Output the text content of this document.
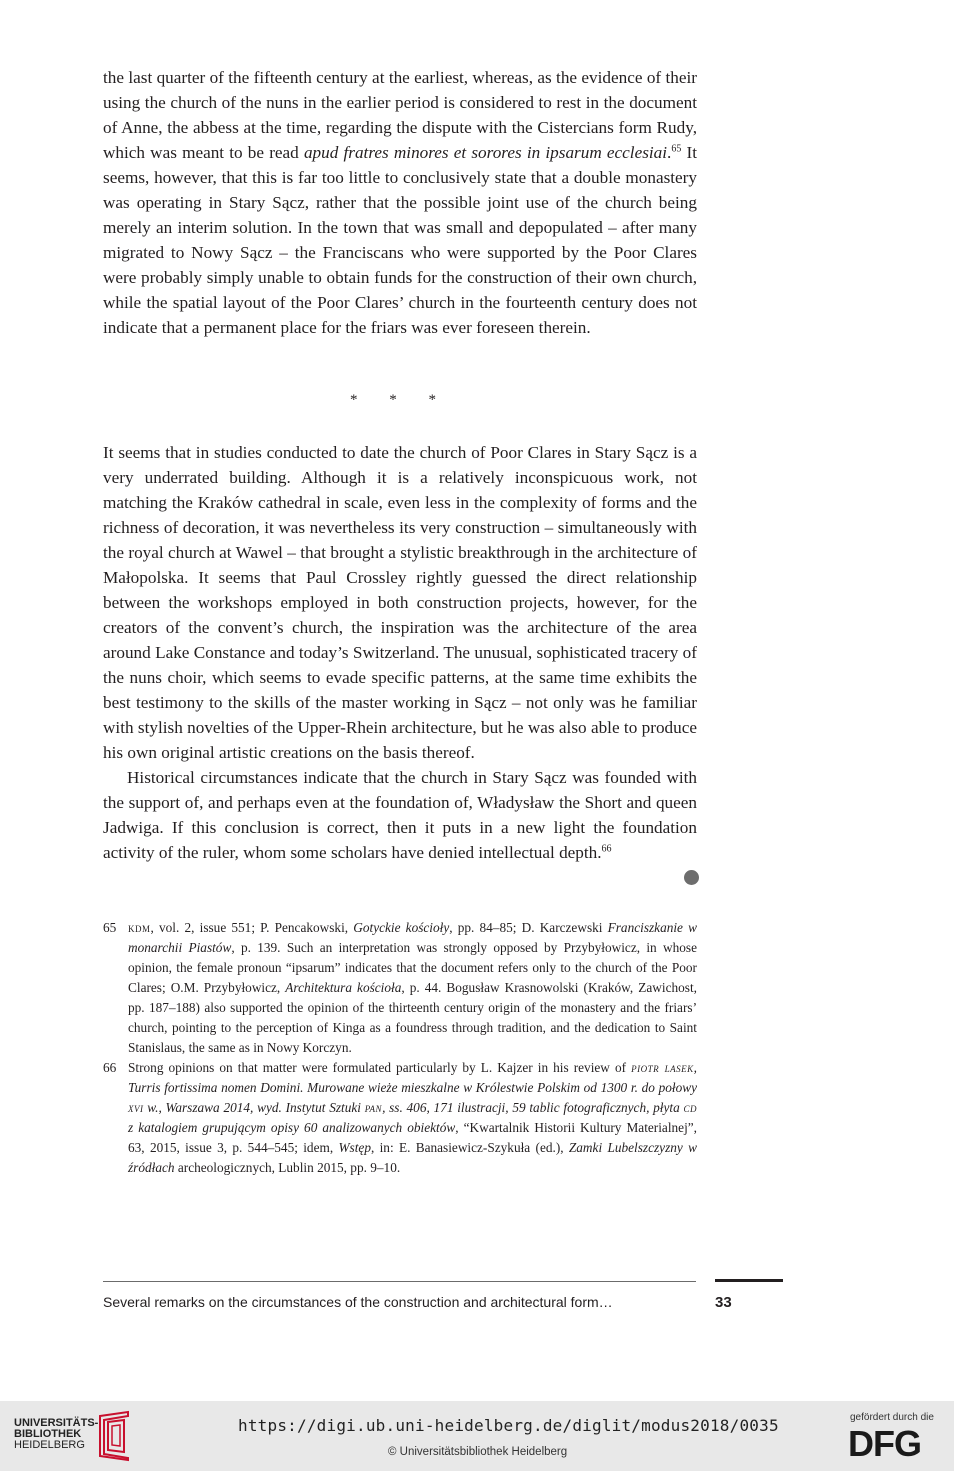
the last quarter of the fifteenth century at the earliest, whereas, as the evidence of their using the church of the nuns in the earlier period is considered to rest in the document of Anne, the abbess at the time, regarding the dispute with the Cistercians form Rudy, which was meant to be read apud fratres minores et sorores in ipsarum ecclesiai.$^{65}$ It seems, however, that this is far too little to conclusively state that a double monastery was operating in Stary Sącz, rather that the possible joint use of the church being merely an interim solution. In the town that was small and depopulated – after many migrated to Nowy Sącz – the Franciscans who were supported by the Poor Clares were probably simply unable to obtain funds for the construction of their own church, while the spatial layout of the Poor Clares’ church in the fourteenth century does not indicate that a permanent place for the friars was ever foreseen therein.

* * *

It seems that in studies conducted to date the church of Poor Clares in Stary Sącz is a very underrated building. Although it is a relatively inconspicuous work, not matching the Kraków cathedral in scale, even less in the complexity of forms and the richness of decoration, it was nevertheless its very construction – simultaneously with the royal church at Wawel – that brought a stylistic breakthrough in the architecture of Małopolska. It seems that Paul Crossley rightly guessed the direct relationship between the workshops employed in both construction projects, however, for the creators of the convent’s church, the inspiration was the architecture of the area around Lake Constance and today’s Switzerland. The unusual, sophisticated tracery of the nuns choir, which seems to evade specific patterns, at the same time exhibits the best testimony to the skills of the master working in Sącz – not only was he familiar with stylish novelties of the Upper-Rhein architecture, but he was also able to produce his own original artistic creations on the basis thereof.

Historical circumstances indicate that the church in Stary Sącz was founded with the support of, and perhaps even at the foundation of, Władysław the Short and queen Jadwiga. If this conclusion is correct, then it puts in a new light the foundation activity of the ruler, whom some scholars have denied intellectual depth.$^{66}$

65 kdm, vol. 2, issue 551; P. Pencakowski, Gotyckie kościoły, pp. 84–85; D. Karczewski Franciszkanie w monarchii Piastów, p. 139. Such an interpretation was strongly opposed by Przybyłowicz, in whose opinion, the female pronoun “ipsarum” indicates that the document refers only to the church of the Poor Clares; O.M. Przybyłowicz, Architektura kościoła, p. 44. Bogusław Krasnowolski (Kraków, Zawichost, pp. 187–188) also supported the opinion of the thirteenth century origin of the monastery and the friars’ church, pointing to the perception of Kinga as a foundress through tradition, and the dedication to Saint Stanislaus, the same as in Nowy Korczyn.
66 Strong opinions on that matter were formulated particularly by L. Kajzer in his review of piotr lasek, Turris fortissima nomen Domini. Murowane wieże mieszkalne w Królestwie Polskim od 1300 r. do połowy xvi w., Warszawa 2014, wyd. Instytut Sztuki pan, ss. 406, 171 ilustracji, 59 tablic fotograficznych, płyta cd z katalogiem grupującym opisy 60 analizowanych obiektów, “Kwartalnik Historii Kultury Materialnej”, 63, 2015, issue 3, p. 544–545; idem, Wstęp, in: E. Banasiewicz-Szykuła (ed.), Zamki Lubelszczyzny w źródłach archeologicznych, Lublin 2015, pp. 9–10.
Several remarks on the circumstances of the construction and architectural form…	33
UNIVERSITÄTS-
BIBLIOTHEK
HEIDELBERG
https://digi.ub.uni-heidelberg.de/diglit/modus2018/0035
© Universitätsbibliothek Heidelberg
gefördert durch die
DFG
